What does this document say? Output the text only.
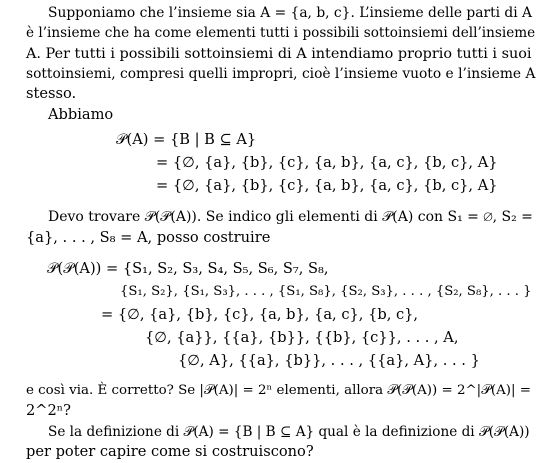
Supponiamo che l’insieme sia A = {a, b, c}. L’insieme delle parti di A
è l’insieme che ha come elementi tutti i possibili sottoinsiemi dell’insieme
A. Per tutti i possibili sottoinsiemi di A intendiamo proprio tutti i suoi
sottoinsiemi, compresi quelli impropri, cioè l’insieme vuoto e l’insieme A
stesso.
Abbiamo
𝒫(A) = {B | B ⊆ A}
= {∅, {a}, {b}, {c}, {a, b}, {a, c}, {b, c}, A}
= {∅, {a}, {b}, {c}, {a, b}, {a, c}, {b, c}, A}
Devo trovare 𝒫(𝒫(A)). Se indico gli elementi di 𝒫(A) con S₁ = ∅, S₂ =
{a}, . . . , S₈ = A, posso costruire
𝒫(𝒫(A)) = {S₁, S₂, S₃, S₄, S₅, S₆, S₇, S₈,
{S₁, S₂}, {S₁, S₃}, . . . , {S₁, S₈}, {S₂, S₃}, . . . , {S₂, S₈}, . . . }
= {∅, {a}, {b}, {c}, {a, b}, {a, c}, {b, c},
{∅, {a}}, {{a}, {b}}, {{b}, {c}}, . . . , A,
{∅, A}, {{a}, {b}}, . . . , {{a}, A}, . . . }
e così via. È corretto? Se |𝒫(A)| = 2ⁿ elementi, allora 𝒫(𝒫(A)) = 2^|𝒫(A)| =
2^2ⁿ?
Se la definizione di 𝒫(A) = {B | B ⊆ A} qual è la definizione di 𝒫(𝒫(A))
per poter capire come si costruiscono?
